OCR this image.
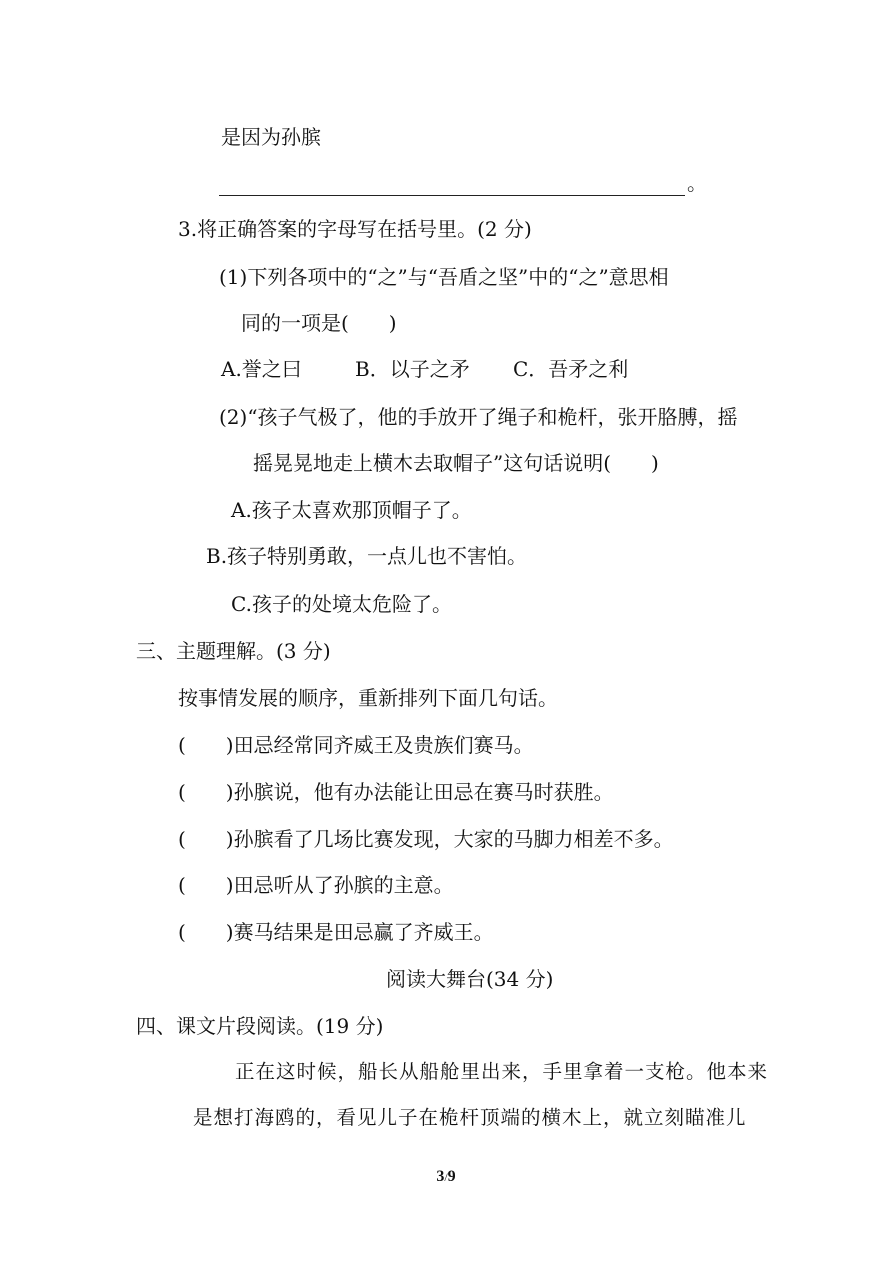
是因为孙膑
。
3.将正确答案的字母写在括号里。(2 分)
(1)下列各项中的“之”与“吾盾之坚”中的“之”意思相
同的一项是(　　)
A.誉之曰	B．以子之矛 C．吾矛之利
(2)“孩子气极了，他的手放开了绳子和桅杆，张开胳膊，摇
摇晃晃地走上横木去取帽子”这句话说明(　　)
A.孩子太喜欢那顶帽子了。
B.孩子特别勇敢，一点儿也不害怕。
C.孩子的处境太危险了。
三、主题理解。(3 分)
按事情发展的顺序，重新排列下面几句话。
(　　)田忌经常同齐威王及贵族们赛马。
(　　)孙膑说，他有办法能让田忌在赛马时获胜。
(　　)孙膑看了几场比赛发现，大家的马脚力相差不多。
(　　)田忌听从了孙膑的主意。
(　　)赛马结果是田忌赢了齐威王。
阅读大舞台(34 分)
四、课文片段阅读。(19 分)
正在这时候，船长从船舱里出来，手里拿着一支枪。他本来
是想打海鸥的，看见儿子在桅杆顶端的横木上，就立刻瞄准儿
3/9
